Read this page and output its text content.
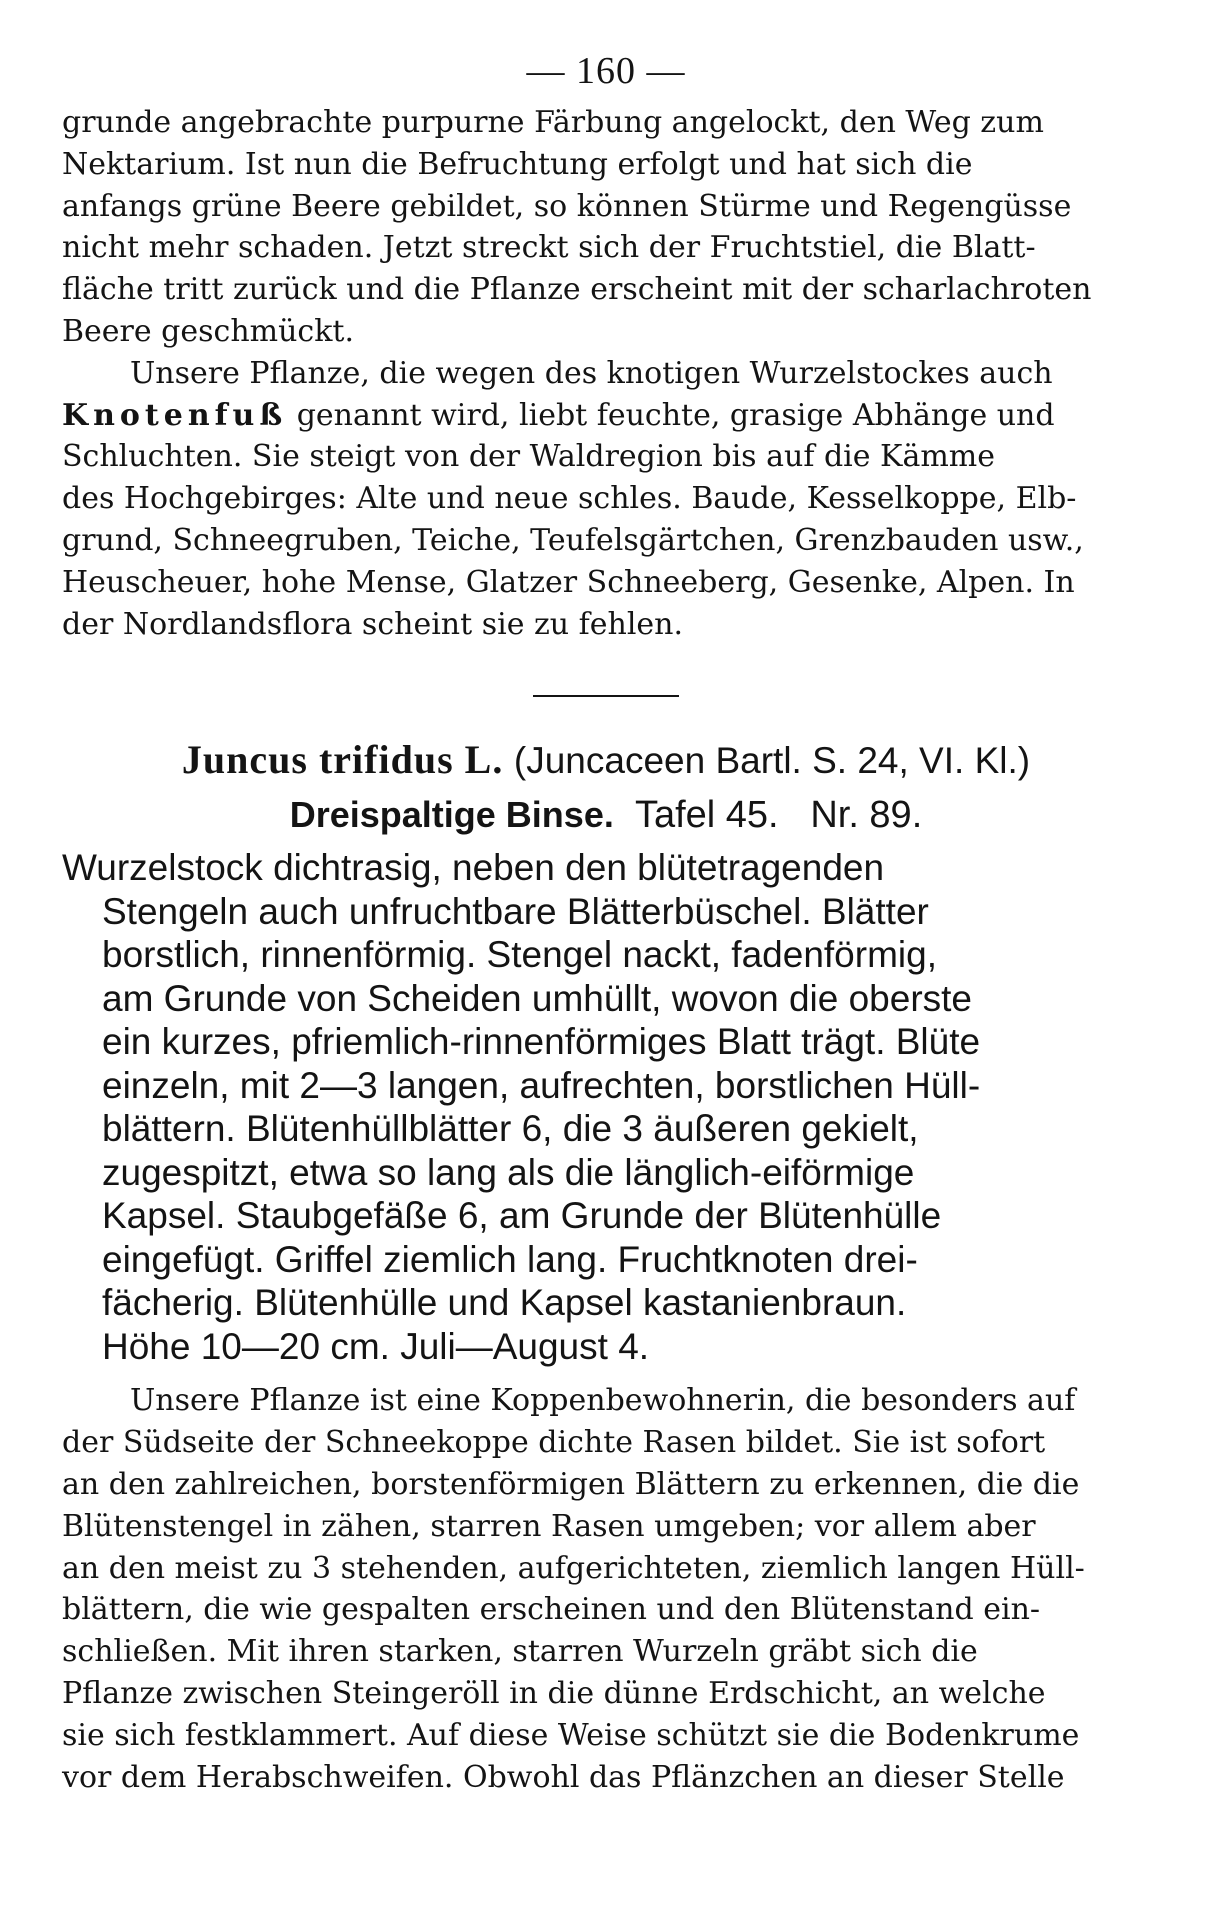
— 160 —
grunde angebrachte purpurne Färbung angelockt, den Weg zum
Nektarium. Ist nun die Befruchtung erfolgt und hat sich die
anfangs grüne Beere gebildet, so können Stürme und Regengüsse
nicht mehr schaden. Jetzt streckt sich der Fruchtstiel, die Blatt-
fläche tritt zurück und die Pflanze erscheint mit der scharlachroten
Beere geschmückt.
Unsere Pflanze, die wegen des knotigen Wurzelstockes auch
Knotenfuß genannt wird, liebt feuchte, grasige Abhänge und
Schluchten. Sie steigt von der Waldregion bis auf die Kämme
des Hochgebirges: Alte und neue schles. Baude, Kesselkoppe, Elb-
grund, Schneegruben, Teiche, Teufelsgärtchen, Grenzbauden usw.,
Heuscheuer, hohe Mense, Glatzer Schneeberg, Gesenke, Alpen. In
der Nordlandsflora scheint sie zu fehlen.
Juncus trifidus L. (Juncaceen Bartl. S. 24, VI. Kl.)
Dreispaltige Binse. Tafel 45. Nr. 89.
Wurzelstock dichtrasig, neben den blütetragenden
Stengeln auch unfruchtbare Blätterbüschel. Blätter
borstlich, rinnenförmig. Stengel nackt, fadenförmig,
am Grunde von Scheiden umhüllt, wovon die oberste
ein kurzes, pfriemlich-rinnenförmiges Blatt trägt. Blüte
einzeln, mit 2—3 langen, aufrechten, borstlichen Hüll-
blättern. Blütenhüllblätter 6, die 3 äußeren gekielt,
zugespitzt, etwa so lang als die länglich-eiförmige
Kapsel. Staubgefäße 6, am Grunde der Blütenhülle
eingefügt. Griffel ziemlich lang. Fruchtknoten drei-
fächerig. Blütenhülle und Kapsel kastanienbraun.
Höhe 10—20 cm. Juli—August 4.
Unsere Pflanze ist eine Koppenbewohnerin, die besonders auf
der Südseite der Schneekoppe dichte Rasen bildet. Sie ist sofort
an den zahlreichen, borstenförmigen Blättern zu erkennen, die die
Blütenstengel in zähen, starren Rasen umgeben; vor allem aber
an den meist zu 3 stehenden, aufgerichteten, ziemlich langen Hüll-
blättern, die wie gespalten erscheinen und den Blütenstand ein-
schließen. Mit ihren starken, starren Wurzeln gräbt sich die
Pflanze zwischen Steingeröll in die dünne Erdschicht, an welche
sie sich festklammert. Auf diese Weise schützt sie die Bodenkrume
vor dem Herabschweifen. Obwohl das Pflänzchen an dieser Stelle
